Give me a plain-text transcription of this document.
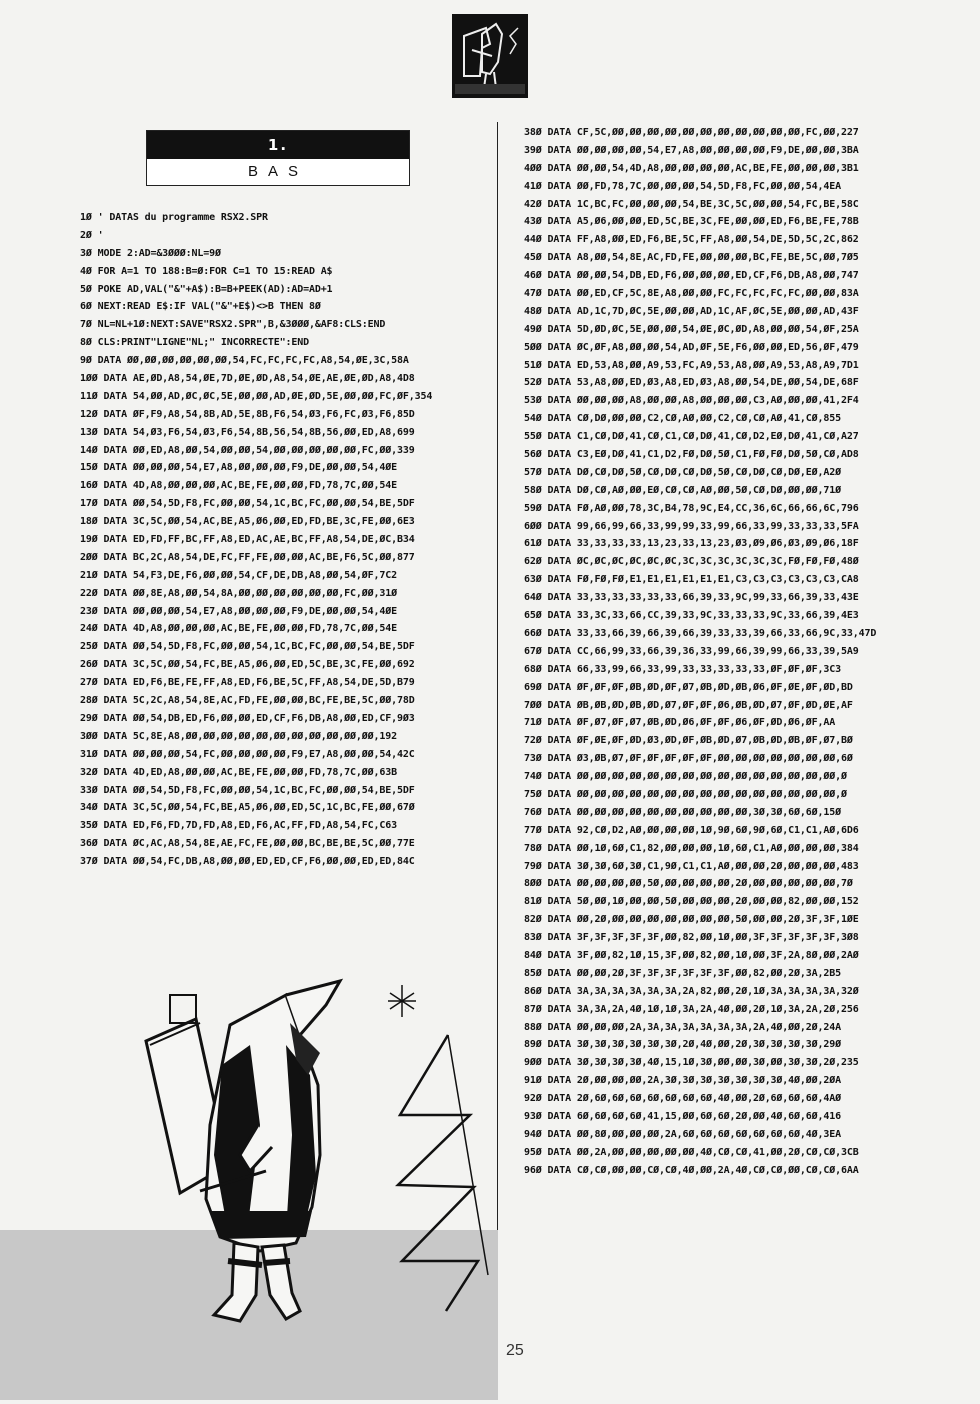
1.
BAS
1Ø ' DATAS du programme RSX2.SPR
2Ø '
3Ø MODE 2:AD=&3ØØØ:NL=9Ø
4Ø FOR A=1 TO 188:B=Ø:FOR C=1 TO 15:READ A$
5Ø POKE AD,VAL("&"+A$):B=B+PEEK(AD):AD=AD+1
6Ø NEXT:READ E$:IF VAL("&"+E$)<>B THEN 8Ø
7Ø NL=NL+1Ø:NEXT:SAVE"RSX2.SPR",B,&3ØØØ,&AF8:CLS:END
8Ø CLS:PRINT"LIGNE"NL;" INCORRECTE":END
9Ø DATA ØØ,ØØ,ØØ,ØØ,ØØ,ØØ,54,FC,FC,FC,FC,A8,54,ØE,3C,58A
1ØØ DATA AE,ØD,A8,54,ØE,7D,ØE,ØD,A8,54,ØE,AE,ØE,ØD,A8,4D8
11Ø DATA 54,ØØ,AD,ØC,ØC,5E,ØØ,ØØ,AD,ØE,ØD,5E,ØØ,ØØ,FC,ØF,354
12Ø DATA ØF,F9,A8,54,8B,AD,5E,8B,F6,54,Ø3,F6,FC,Ø3,F6,85D
13Ø DATA 54,Ø3,F6,54,Ø3,F6,54,8B,56,54,8B,56,ØØ,ED,A8,699
14Ø DATA ØØ,ED,A8,ØØ,54,ØØ,ØØ,54,ØØ,ØØ,ØØ,ØØ,ØØ,FC,ØØ,339
15Ø DATA ØØ,ØØ,ØØ,54,E7,A8,ØØ,ØØ,ØØ,F9,DE,ØØ,ØØ,54,4ØE
16Ø DATA 4D,A8,ØØ,ØØ,ØØ,AC,BE,FE,ØØ,ØØ,FD,78,7C,ØØ,54E
17Ø DATA ØØ,54,5D,F8,FC,ØØ,ØØ,54,1C,BC,FC,ØØ,ØØ,54,BE,5DF
18Ø DATA 3C,5C,ØØ,54,AC,BE,A5,Ø6,ØØ,ED,FD,BE,3C,FE,ØØ,6E3
19Ø DATA ED,FD,FF,BC,FF,A8,ED,AC,AE,BC,FF,A8,54,DE,ØC,B34
2ØØ DATA BC,2C,A8,54,DE,FC,FF,FE,ØØ,ØØ,AC,BE,F6,5C,ØØ,877
21Ø DATA 54,F3,DE,F6,ØØ,ØØ,54,CF,DE,DB,A8,ØØ,54,ØF,7C2
22Ø DATA ØØ,8E,A8,ØØ,54,8A,ØØ,ØØ,ØØ,ØØ,ØØ,ØØ,FC,ØØ,31Ø
23Ø DATA ØØ,ØØ,ØØ,54,E7,A8,ØØ,ØØ,ØØ,F9,DE,ØØ,ØØ,54,4ØE
24Ø DATA 4D,A8,ØØ,ØØ,ØØ,AC,BE,FE,ØØ,ØØ,FD,78,7C,ØØ,54E
25Ø DATA ØØ,54,5D,F8,FC,ØØ,ØØ,54,1C,BC,FC,ØØ,ØØ,54,BE,5DF
26Ø DATA 3C,5C,ØØ,54,FC,BE,A5,Ø6,ØØ,ED,5C,BE,3C,FE,ØØ,692
27Ø DATA ED,F6,BE,FE,FF,A8,ED,F6,BE,5C,FF,A8,54,DE,5D,B79
28Ø DATA 5C,2C,A8,54,8E,AC,FD,FE,ØØ,ØØ,BC,FE,BE,5C,ØØ,78D
29Ø DATA ØØ,54,DB,ED,F6,ØØ,ØØ,ED,CF,F6,DB,A8,ØØ,ED,CF,9Ø3
3ØØ DATA 5C,8E,A8,ØØ,ØØ,ØØ,ØØ,ØØ,ØØ,ØØ,ØØ,ØØ,ØØ,ØØ,192
31Ø DATA ØØ,ØØ,ØØ,54,FC,ØØ,ØØ,ØØ,ØØ,F9,E7,A8,ØØ,ØØ,54,42C
32Ø DATA 4D,ED,A8,ØØ,ØØ,AC,BE,FE,ØØ,ØØ,FD,78,7C,ØØ,63B
33Ø DATA ØØ,54,5D,F8,FC,ØØ,ØØ,54,1C,BC,FC,ØØ,ØØ,54,BE,5DF
34Ø DATA 3C,5C,ØØ,54,FC,BE,A5,Ø6,ØØ,ED,5C,1C,BC,FE,ØØ,67Ø
35Ø DATA ED,F6,FD,7D,FD,A8,ED,F6,AC,FF,FD,A8,54,FC,C63
36Ø DATA ØC,AC,A8,54,8E,AE,FC,FE,ØØ,ØØ,BC,BE,BE,5C,ØØ,77E
37Ø DATA ØØ,54,FC,DB,A8,ØØ,ØØ,ED,ED,CF,F6,ØØ,ØØ,ED,ED,84C
38Ø DATA CF,5C,ØØ,ØØ,ØØ,ØØ,ØØ,ØØ,ØØ,ØØ,ØØ,ØØ,ØØ,FC,ØØ,227
39Ø DATA ØØ,ØØ,ØØ,ØØ,54,E7,A8,ØØ,ØØ,ØØ,ØØ,F9,DE,ØØ,ØØ,3BA
4ØØ DATA ØØ,ØØ,54,4D,A8,ØØ,ØØ,ØØ,ØØ,AC,BE,FE,ØØ,ØØ,ØØ,3B1
41Ø DATA ØØ,FD,78,7C,ØØ,ØØ,ØØ,54,5D,F8,FC,ØØ,ØØ,54,4EA
42Ø DATA 1C,BC,FC,ØØ,ØØ,ØØ,54,BE,3C,5C,ØØ,ØØ,54,FC,BE,58C
43Ø DATA A5,Ø6,ØØ,ØØ,ED,5C,BE,3C,FE,ØØ,ØØ,ED,F6,BE,FE,78B
44Ø DATA FF,A8,ØØ,ED,F6,BE,5C,FF,A8,ØØ,54,DE,5D,5C,2C,862
45Ø DATA A8,ØØ,54,8E,AC,FD,FE,ØØ,ØØ,ØØ,BC,FE,BE,5C,ØØ,7Ø5
46Ø DATA ØØ,ØØ,54,DB,ED,F6,ØØ,ØØ,ØØ,ED,CF,F6,DB,A8,ØØ,747
47Ø DATA ØØ,ED,CF,5C,8E,A8,ØØ,ØØ,FC,FC,FC,FC,FC,ØØ,ØØ,83A
48Ø DATA AD,1C,7D,ØC,5E,ØØ,ØØ,AD,1C,AF,ØC,5E,ØØ,ØØ,AD,43F
49Ø DATA 5D,ØD,ØC,5E,ØØ,ØØ,54,ØE,ØC,ØD,A8,ØØ,ØØ,54,ØF,25A
5ØØ DATA ØC,ØF,A8,ØØ,ØØ,54,AD,ØF,5E,F6,ØØ,ØØ,ED,56,ØF,479
51Ø DATA ED,53,A8,ØØ,A9,53,FC,A9,53,A8,ØØ,A9,53,A8,A9,7D1
52Ø DATA 53,A8,ØØ,ED,Ø3,A8,ED,Ø3,A8,ØØ,54,DE,ØØ,54,DE,68F
53Ø DATA ØØ,ØØ,ØØ,A8,ØØ,ØØ,A8,ØØ,ØØ,ØØ,C3,AØ,ØØ,ØØ,41,2F4
54Ø DATA CØ,DØ,ØØ,ØØ,C2,CØ,AØ,ØØ,C2,CØ,CØ,AØ,41,CØ,855
55Ø DATA C1,CØ,DØ,41,CØ,C1,CØ,DØ,41,CØ,D2,EØ,DØ,41,CØ,A27
56Ø DATA C3,EØ,DØ,41,C1,D2,FØ,DØ,5Ø,C1,FØ,FØ,DØ,5Ø,CØ,AD8
57Ø DATA DØ,CØ,DØ,5Ø,CØ,DØ,CØ,DØ,5Ø,CØ,DØ,CØ,DØ,EØ,A2Ø
58Ø DATA DØ,CØ,AØ,ØØ,EØ,CØ,CØ,AØ,ØØ,5Ø,CØ,DØ,ØØ,ØØ,71Ø
59Ø DATA FØ,AØ,ØØ,78,3C,B4,78,9C,E4,CC,36,6C,66,66,6C,796
6ØØ DATA 99,66,99,66,33,99,99,33,99,66,33,99,33,33,33,5FA
61Ø DATA 33,33,33,33,13,23,33,13,23,Ø3,Ø9,Ø6,Ø3,Ø9,Ø6,18F
62Ø DATA ØC,ØC,ØC,ØC,ØC,ØC,3C,3C,3C,3C,3C,3C,FØ,FØ,FØ,48Ø
63Ø DATA FØ,FØ,FØ,E1,E1,E1,E1,E1,E1,C3,C3,C3,C3,C3,C3,CA8
64Ø DATA 33,33,33,33,33,33,66,39,33,9C,99,33,66,39,33,43E
65Ø DATA 33,3C,33,66,CC,39,33,9C,33,33,33,9C,33,66,39,4E3
66Ø DATA 33,33,66,39,66,39,66,39,33,33,39,66,33,66,9C,33,47D
67Ø DATA CC,66,99,33,66,39,36,33,99,66,39,99,66,33,39,5A9
68Ø DATA 66,33,99,66,33,99,33,33,33,33,33,ØF,ØF,ØF,3C3
69Ø DATA ØF,ØF,ØF,ØB,ØD,ØF,Ø7,ØB,ØD,ØB,Ø6,ØF,ØE,ØF,ØD,BD
7ØØ DATA ØB,ØB,ØD,ØB,ØD,Ø7,ØF,ØF,Ø6,ØB,ØD,Ø7,ØF,ØD,ØE,AF
71Ø DATA ØF,Ø7,ØF,Ø7,ØB,ØD,Ø6,ØF,ØF,Ø6,ØF,ØD,Ø6,ØF,AA
72Ø DATA ØF,ØE,ØF,ØD,Ø3,ØD,ØF,ØB,ØD,Ø7,ØB,ØD,ØB,ØF,Ø7,BØ
73Ø DATA Ø3,ØB,Ø7,ØF,ØF,ØF,ØF,ØF,ØØ,ØØ,ØØ,ØØ,ØØ,ØØ,ØØ,6Ø
74Ø DATA ØØ,ØØ,ØØ,ØØ,ØØ,ØØ,ØØ,ØØ,ØØ,ØØ,ØØ,ØØ,ØØ,ØØ,ØØ,Ø
75Ø DATA ØØ,ØØ,ØØ,ØØ,ØØ,ØØ,ØØ,ØØ,ØØ,ØØ,ØØ,ØØ,ØØ,ØØ,ØØ,Ø
76Ø DATA ØØ,ØØ,ØØ,ØØ,ØØ,ØØ,ØØ,ØØ,ØØ,ØØ,3Ø,3Ø,6Ø,6Ø,15Ø
77Ø DATA 92,CØ,D2,AØ,ØØ,ØØ,ØØ,1Ø,9Ø,6Ø,9Ø,6Ø,C1,C1,AØ,6D6
78Ø DATA ØØ,1Ø,6Ø,C1,82,ØØ,ØØ,ØØ,1Ø,6Ø,C1,AØ,ØØ,ØØ,ØØ,384
79Ø DATA 3Ø,3Ø,6Ø,3Ø,C1,9Ø,C1,C1,AØ,ØØ,ØØ,2Ø,ØØ,ØØ,ØØ,483
8ØØ DATA ØØ,ØØ,ØØ,ØØ,5Ø,ØØ,ØØ,ØØ,ØØ,2Ø,ØØ,ØØ,ØØ,ØØ,ØØ,7Ø
81Ø DATA 5Ø,ØØ,1Ø,ØØ,ØØ,5Ø,ØØ,ØØ,ØØ,2Ø,ØØ,ØØ,82,ØØ,ØØ,152
82Ø DATA ØØ,2Ø,ØØ,ØØ,ØØ,ØØ,ØØ,ØØ,ØØ,5Ø,ØØ,ØØ,2Ø,3F,3F,1ØE
83Ø DATA 3F,3F,3F,3F,3F,ØØ,82,ØØ,1Ø,ØØ,3F,3F,3F,3F,3F,3Ø8
84Ø DATA 3F,ØØ,82,1Ø,15,3F,ØØ,82,ØØ,1Ø,ØØ,3F,2A,8Ø,ØØ,2AØ
85Ø DATA ØØ,ØØ,2Ø,3F,3F,3F,3F,3F,3F,ØØ,82,ØØ,2Ø,3A,2B5
86Ø DATA 3A,3A,3A,3A,3A,3A,2A,82,ØØ,2Ø,1Ø,3A,3A,3A,3A,32Ø
87Ø DATA 3A,3A,2A,4Ø,1Ø,1Ø,3A,2A,4Ø,ØØ,2Ø,1Ø,3A,2A,2Ø,256
88Ø DATA ØØ,ØØ,ØØ,2A,3A,3A,3A,3A,3A,3A,2A,4Ø,ØØ,2Ø,24A
89Ø DATA 3Ø,3Ø,3Ø,3Ø,3Ø,3Ø,2Ø,4Ø,ØØ,2Ø,3Ø,3Ø,3Ø,3Ø,29Ø
9ØØ DATA 3Ø,3Ø,3Ø,3Ø,4Ø,15,1Ø,3Ø,ØØ,ØØ,3Ø,ØØ,3Ø,3Ø,2Ø,235
91Ø DATA 2Ø,ØØ,ØØ,ØØ,2A,3Ø,3Ø,3Ø,3Ø,3Ø,3Ø,3Ø,4Ø,ØØ,2ØA
92Ø DATA 2Ø,6Ø,6Ø,6Ø,6Ø,6Ø,6Ø,6Ø,4Ø,ØØ,2Ø,6Ø,6Ø,6Ø,4AØ
93Ø DATA 6Ø,6Ø,6Ø,6Ø,41,15,ØØ,6Ø,6Ø,2Ø,ØØ,4Ø,6Ø,6Ø,416
94Ø DATA ØØ,8Ø,ØØ,ØØ,ØØ,2A,6Ø,6Ø,6Ø,6Ø,6Ø,6Ø,6Ø,4Ø,3EA
95Ø DATA ØØ,2A,ØØ,ØØ,ØØ,ØØ,ØØ,4Ø,CØ,CØ,41,ØØ,2Ø,CØ,CØ,3CB
96Ø DATA CØ,CØ,ØØ,ØØ,CØ,CØ,4Ø,ØØ,2A,4Ø,CØ,CØ,ØØ,CØ,CØ,6AA
25
